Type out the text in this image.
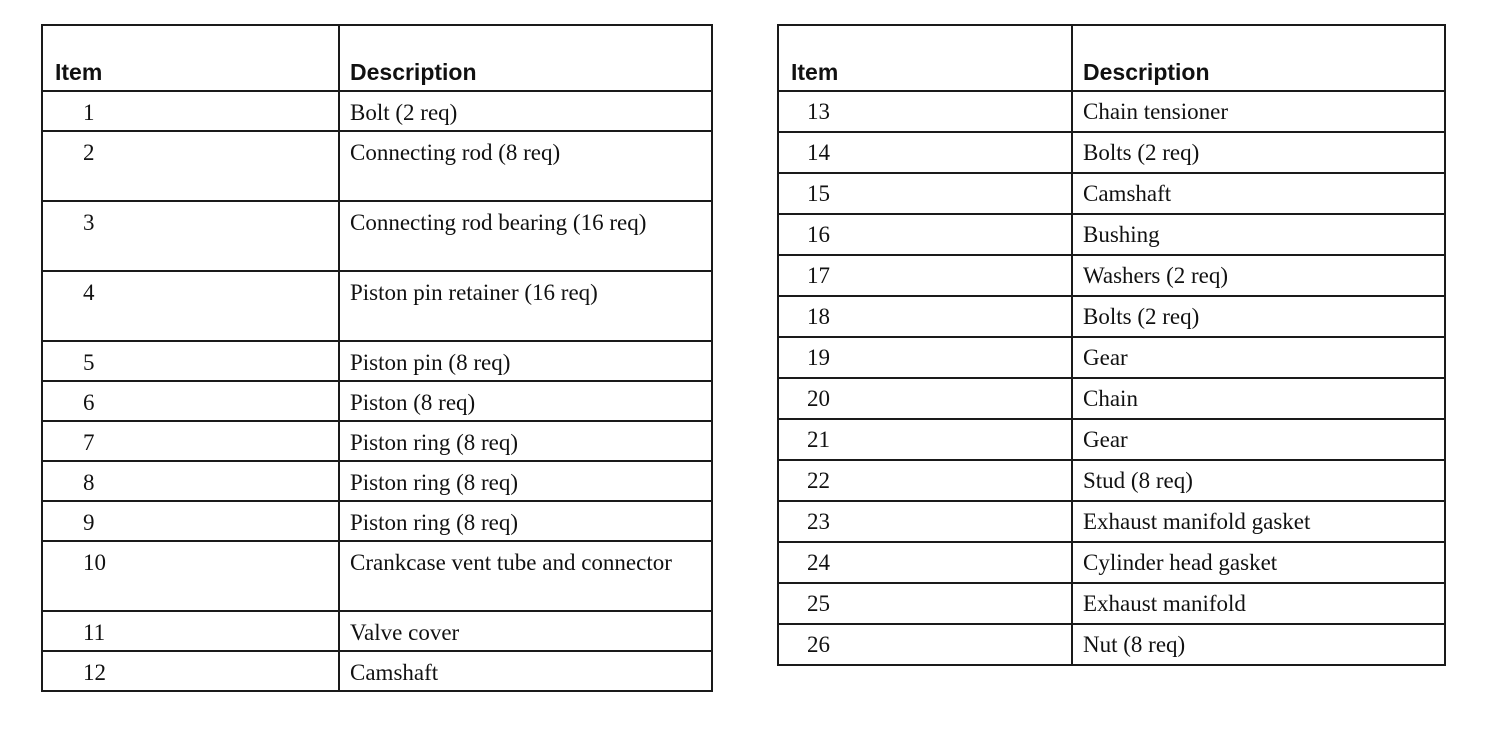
Item	Description
1	Bolt (2 req)
2	Connecting rod (8 req)
3	Connecting rod bearing (16 req)
4	Piston pin retainer (16 req)
5	Piston pin (8 req)
6	Piston (8 req)
7	Piston ring (8 req)
8	Piston ring (8 req)
9	Piston ring (8 req)
10	Crankcase vent tube and connector
11	Valve cover
12	Camshaft
Item	Description
13	Chain tensioner
14	Bolts (2 req)
15	Camshaft
16	Bushing
17	Washers (2 req)
18	Bolts (2 req)
19	Gear
20	Chain
21	Gear
22	Stud (8 req)
23	Exhaust manifold gasket
24	Cylinder head gasket
25	Exhaust manifold
26	Nut (8 req)
